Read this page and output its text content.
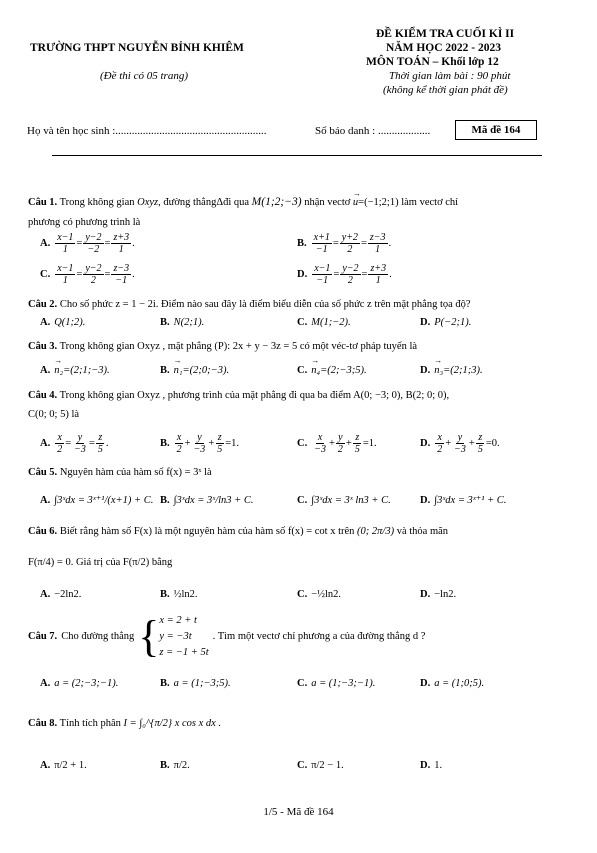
TRƯỜNG THPT NGUYỄN BỈNH KHIÊM
(Đề thi có 05 trang)
ĐỀ KIỂM TRA CUỐI KÌ II
NĂM HỌC 2022 - 2023
MÔN TOÁN – Khối lớp 12
Thời gian làm bài : 90 phút
(không kể thời gian phát đề)
Họ và tên học sinh :.......................................................	Số báo danh : ...................	Mã đề 164
Câu 1. Trong không gian Oxyz, đường thẳngΔđi qua M(1;2;−3) nhận vectơ → u=(−1;2;1) làm vectơ chỉ
phương có phương trình là
A. $\frac{x-1}{1} = \frac{y-2}{-2} = \frac{z+3}{1}$ .	B. $\frac{x+1}{-1} = \frac{y+2}{2} = \frac{z-3}{1}$ .
C. $\frac{x-1}{1} = \frac{y-2}{2} = \frac{z-3}{-1}$ .	D. $\frac{x-1}{-1} = \frac{y-2}{2} = \frac{z+3}{1}$ .
Câu 2. Cho số phức z = 1 − 2i. Điểm nào sau đây là điểm biểu diễn của số phức z trên mặt phẳng tọa độ?
A. Q(1;2).	B. N(2;1).	C. M(1;−2).	D. P(−2;1).
Câu 3. Trong không gian Oxyz , mặt phẳng (P): 2x + y − 3z = 5 có một véc-tơ pháp tuyến là
A. → n₂ =(2;1;−3).	B. → n₁ =(2;0;−3).	C. → n₄ =(2;−3;5).	D. → n₃ =(2;1;3).
Câu 4. Trong không gian Oxyz , phương trình của mặt phẳng đi qua ba điểm A(0; −3; 0), B(2; 0; 0),
C(0; 0; 5) là
A. $\frac{x}{2} = \frac{y}{-3} = \frac{z}{5}$ .	B. $\frac{x}{2} + \frac{y}{-3} + \frac{z}{5} =1$.	C. $\frac{x}{-3} + \frac{y}{2} + \frac{z}{5} =1$.	D. $\frac{x}{2} + \frac{y}{-3} + \frac{z}{5} =0$.
Câu 5. Nguyên hàm của hàm số f(x) = 3ˣ là
A. ∫3ˣdx = 3ˣ⁺¹/(x+1) + C. B. ∫3ˣdx = 3ˣ/ln3 + C.	C. ∫3ˣdx = 3ˣ ln3 + C.	D. ∫3ˣdx = 3ˣ⁺¹ + C.
Câu 6. Biết rằng hàm số F(x) là một nguyên hàm của hàm số f(x) = cot x trên (0; 2π/3) và thỏa mãn
F(π/4) = 0. Giá trị của F(π/2) bằng
A. −2ln2.	B. ½ln2.	C. −½ln2.	D. −ln2.
Câu 7. Cho đường thẳng { x = 2 + t
y = −3t
z = −1 + 5t
. Tìm một vectơ chỉ phương a của đường thẳng d ?
A. a = (2;−3;−1).	B. a = (1;−3;5).	C. a = (1;−3;−1).	D. a = (1;0;5).
Câu 8. Tính tích phân I = ∫₀^{π/2} x cos x dx .
A. π/2 + 1.	B. π/2.	C. π/2 − 1.	D. 1.
1/5 - Mã đề 164
